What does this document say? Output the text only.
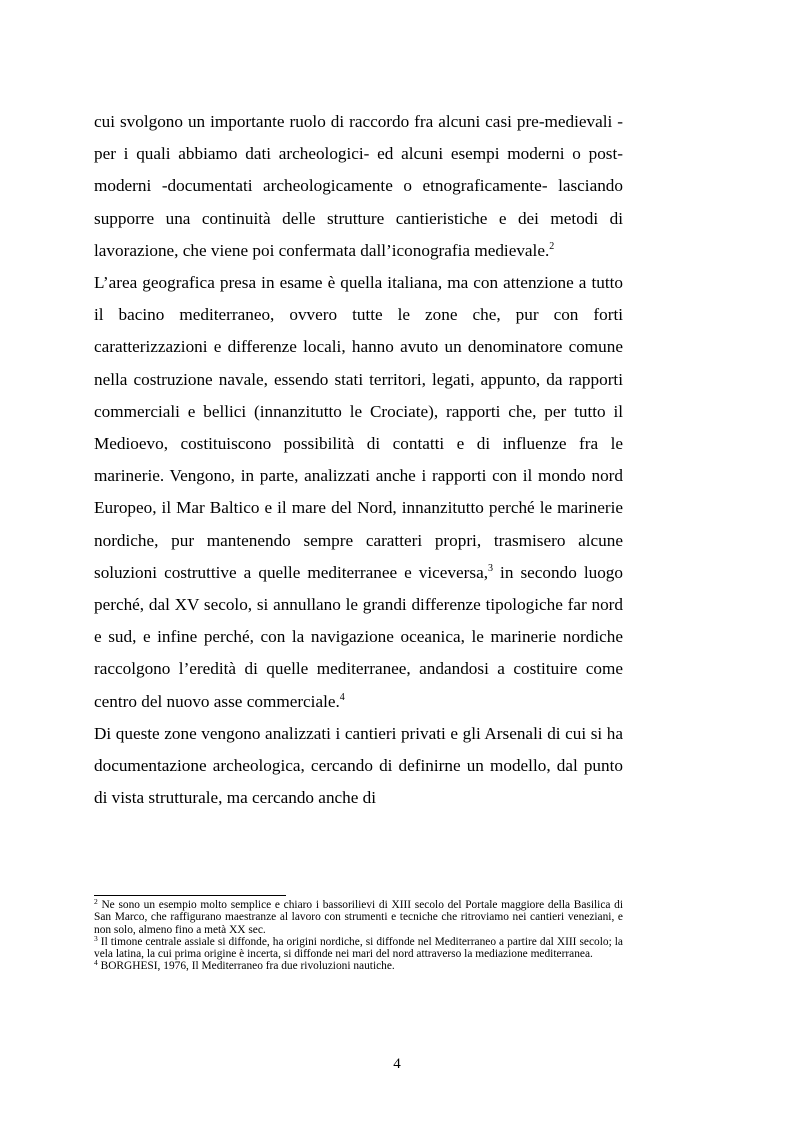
cui svolgono un importante ruolo di raccordo fra alcuni casi pre-medievali - per i quali abbiamo dati archeologici- ed alcuni esempi moderni o post-moderni -documentati archeologicamente o etnograficamente- lasciando supporre una continuità delle strutture cantieristiche e dei metodi di lavorazione, che viene poi confermata dall’iconografia medievale.$^2$

L’area geografica presa in esame è quella italiana, ma con attenzione a tutto il bacino mediterraneo, ovvero tutte le zone che, pur con forti caratterizzazioni e differenze locali, hanno avuto un denominatore comune nella costruzione navale, essendo stati territori, legati, appunto, da rapporti commerciali e bellici (innanzitutto le Crociate), rapporti che, per tutto il Medioevo, costituiscono possibilità di contatti e di influenze fra le marinerie. Vengono, in parte, analizzati anche i rapporti con il mondo nord Europeo, il Mar Baltico e il mare del Nord, innanzitutto perché le marinerie nordiche, pur mantenendo sempre caratteri propri, trasmisero alcune soluzioni costruttive a quelle mediterranee e viceversa,$^3$ in secondo luogo perché, dal XV secolo, si annullano le grandi differenze tipologiche far nord e sud, e infine perché, con la navigazione oceanica, le marinerie nordiche raccolgono l’eredità di quelle mediterranee, andandosi a costituire come centro del nuovo asse commerciale.$^4$

Di queste zone vengono analizzati i cantieri privati e gli Arsenali di cui si ha documentazione archeologica, cercando di definirne un modello, dal punto di vista strutturale, ma cercando anche di

$^2$ Ne sono un esempio molto semplice e chiaro i bassorilievi di XIII secolo del Portale maggiore della Basilica di San Marco, che raffigurano maestranze al lavoro con strumenti e tecniche che ritroviamo nei cantieri veneziani, e non solo, almeno fino a metà XX sec.

$^3$ Il timone centrale assiale si diffonde, ha origini nordiche, si diffonde nel Mediterraneo a partire dal XIII secolo; la vela latina, la cui prima origine è incerta, si diffonde nei mari del nord attraverso la mediazione mediterranea.

$^4$ BORGHESI, 1976, Il Mediterraneo fra due rivoluzioni nautiche.

4
